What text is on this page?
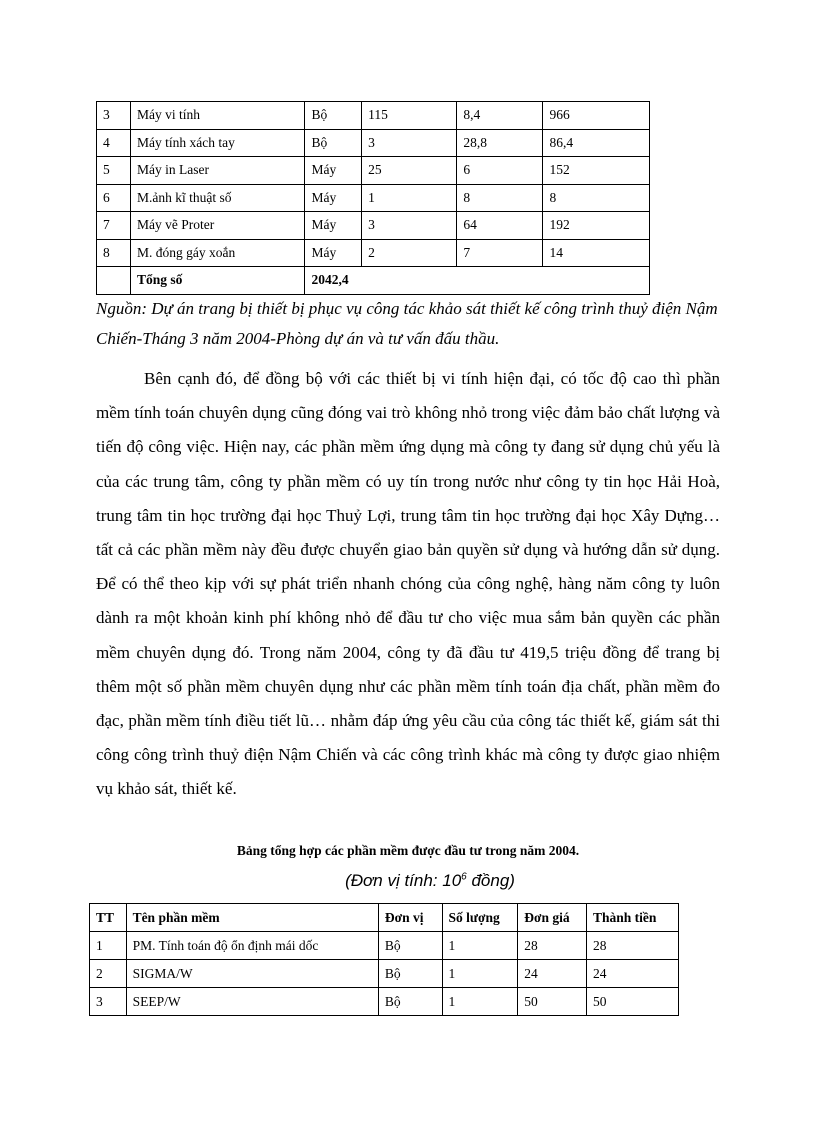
3	Máy vi tính	Bộ	115	8,4	966
4	Máy tính xách tay	Bộ	3	28,8	86,4
5	Máy in Laser	Máy	25	6	152
6	M.ảnh kĩ thuật số	Máy	1	8	8
7	Máy vẽ Proter	Máy	3	64	192
8	M. đóng gáy xoắn	Máy	2	7	14
	Tổng số	2042,4			
Nguồn: Dự án trang bị thiết bị phục vụ công tác khảo sát thiết kế công trình thuỷ điện Nậm Chiến-Tháng 3 năm 2004-Phòng dự án và tư vấn đấu thầu.
Bên cạnh đó, để đồng bộ với các thiết bị vi tính hiện đại, có tốc độ cao thì phần mềm tính toán chuyên dụng cũng đóng vai trò không nhỏ trong việc đảm bảo chất lượng và tiến độ công việc. Hiện nay, các phần mềm ứng dụng mà công ty đang sử dụng chủ yếu là của các trung tâm, công ty phần mềm có uy tín trong nước như công ty tin học Hải Hoà, trung tâm tin học trường đại học Thuỷ Lợi, trung tâm tin học trường đại học Xây Dựng…tất cả các phần mềm này đều được chuyển giao bản quyền sử dụng và hướng dẫn sử dụng. Để có thể theo kịp với sự phát triển nhanh chóng của công nghệ, hàng năm công ty luôn dành ra một khoản kinh phí không nhỏ để đầu tư cho việc mua sắm bản quyền các phần mềm chuyên dụng đó. Trong năm 2004, công ty đã đầu tư 419,5 triệu đồng để trang bị thêm một số phần mềm chuyên dụng như các phần mềm tính toán địa chất, phần mềm đo đạc, phần mềm tính điều tiết lũ… nhằm đáp ứng yêu cầu của công tác thiết kế, giám sát thi công công trình thuỷ điện Nậm Chiến và các công trình khác mà công ty được giao nhiệm vụ khảo sát, thiết kế.
Bảng tổng hợp các phần mềm được đầu tư trong năm 2004.
(Đơn vị tính: $10^6$ đồng)
TT	Tên phần mềm	Đơn vị	Số lượng	Đơn giá	Thành tiền
1	PM. Tính toán độ ổn định mái dốc	Bộ	1	28	28
2	SIGMA/W	Bộ	1	24	24
3	SEEP/W	Bộ	1	50	50
